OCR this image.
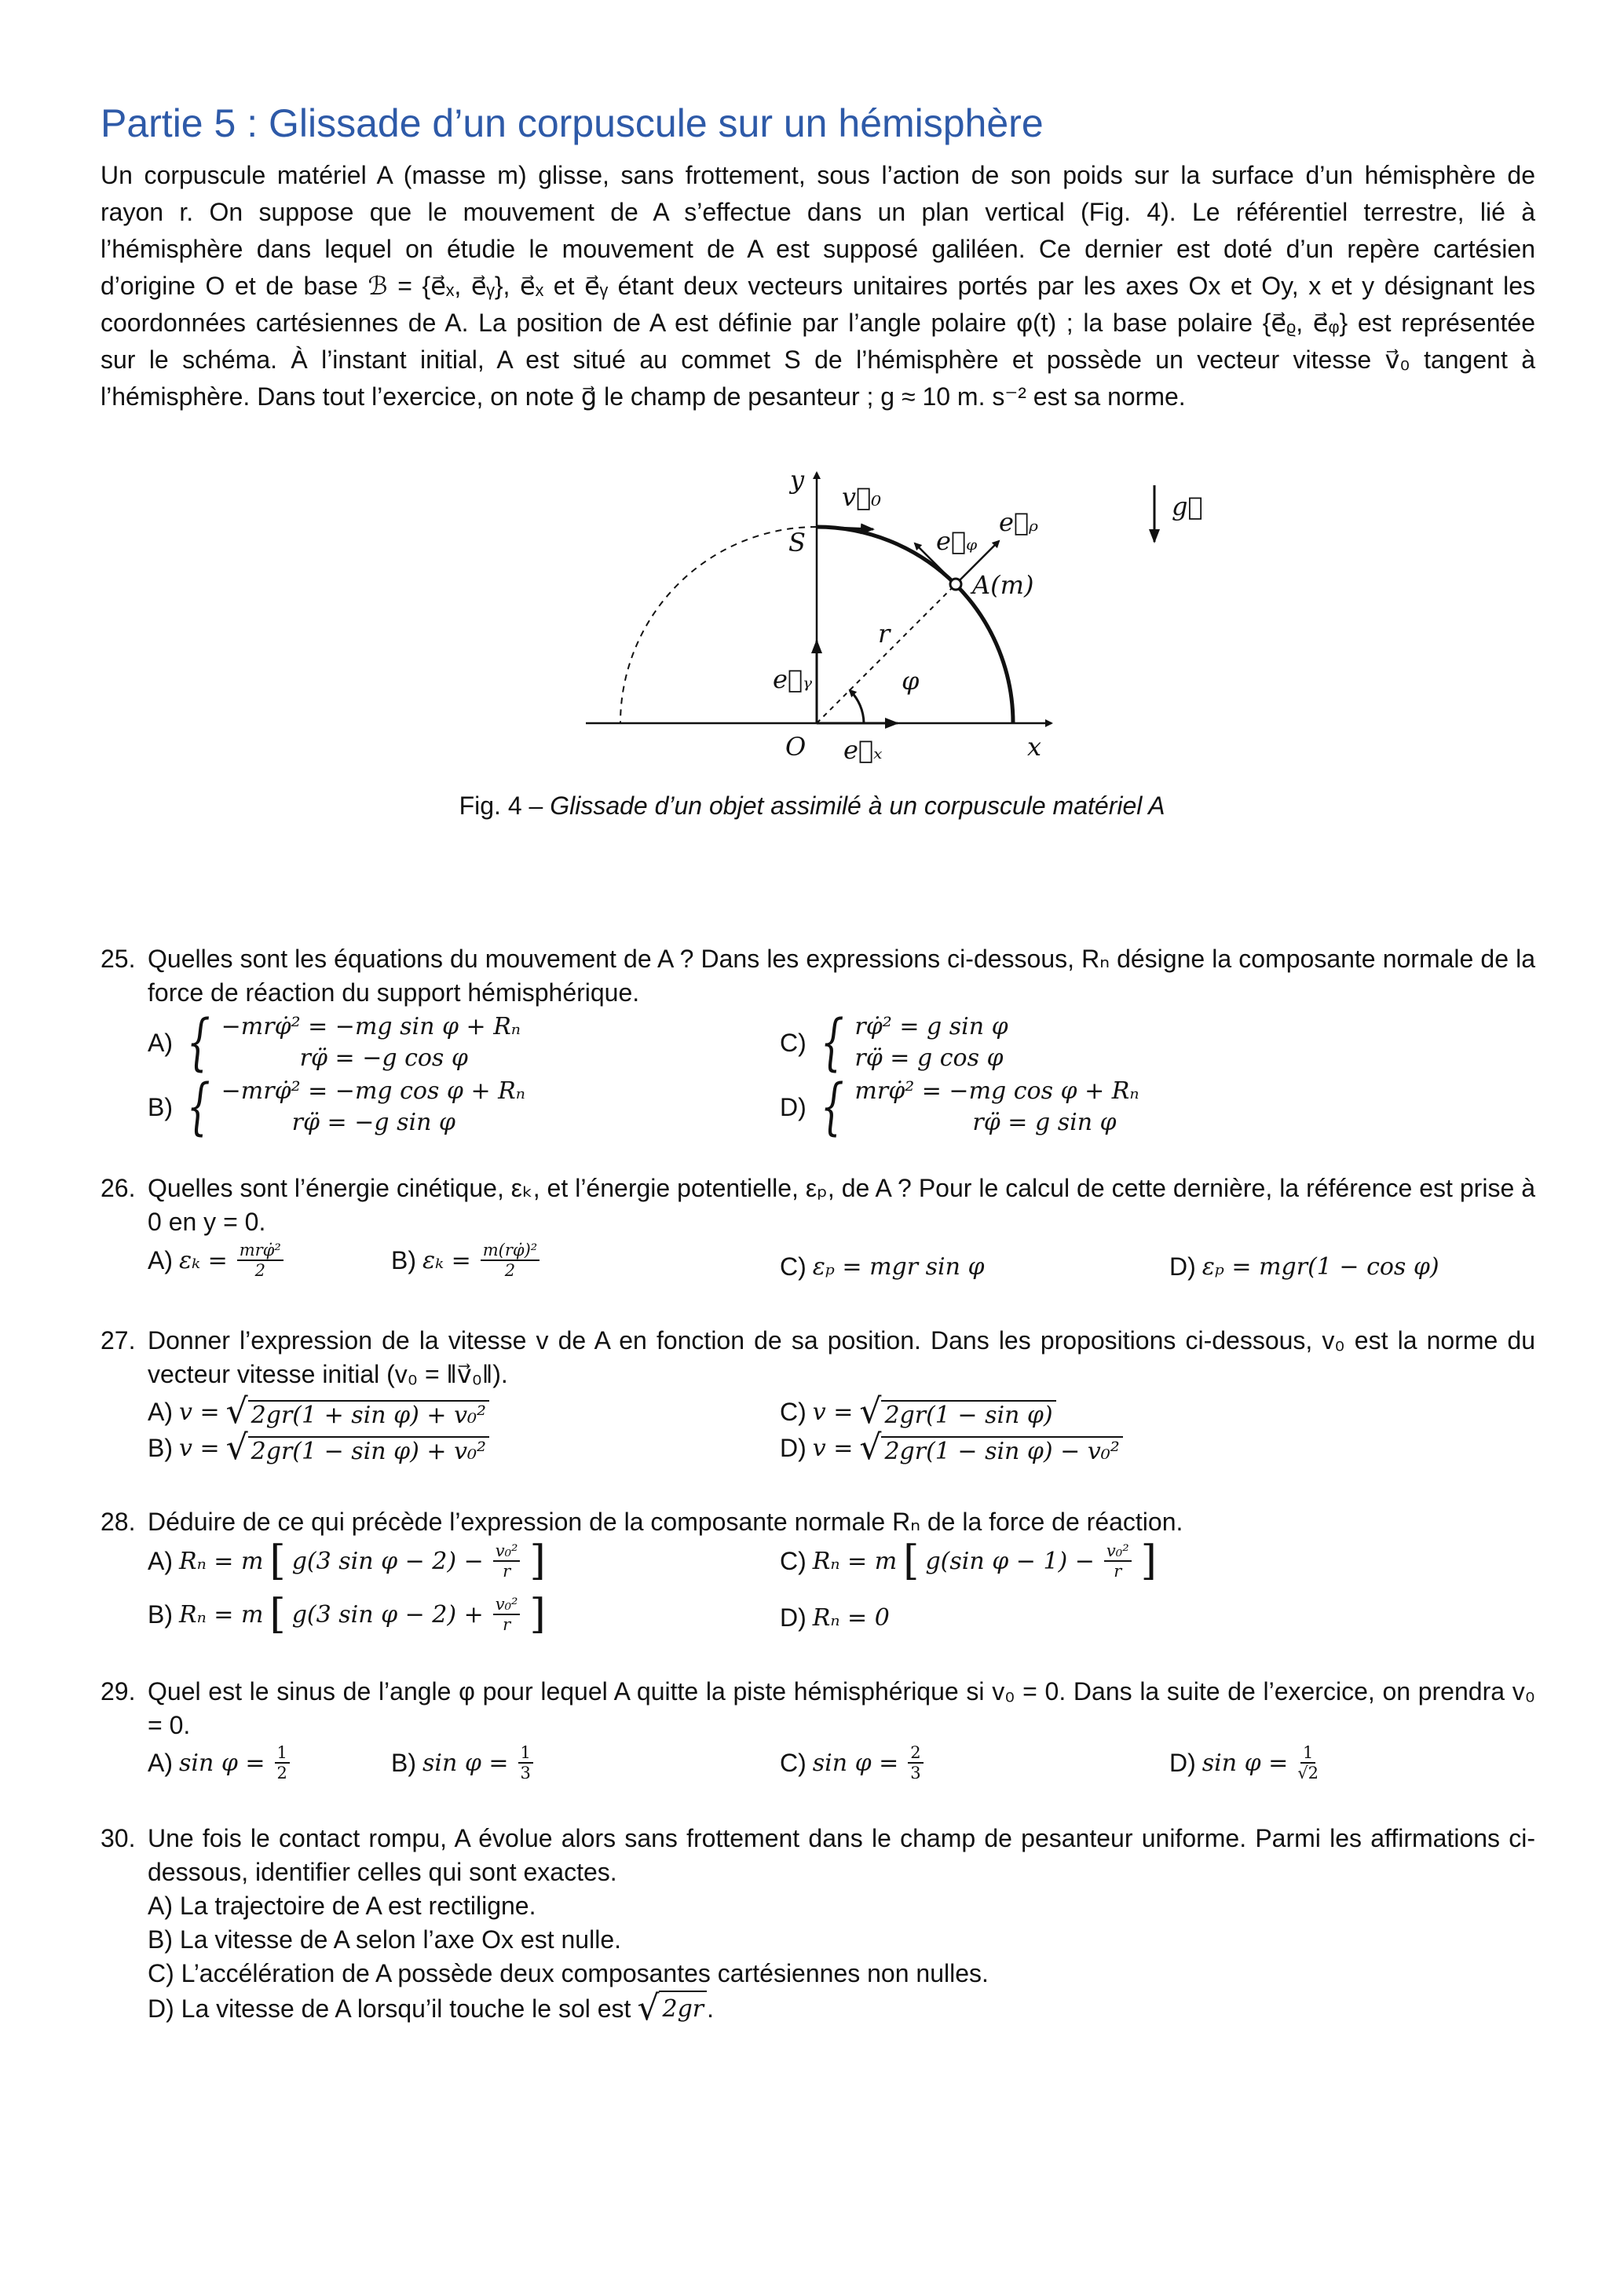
Partie 5 : Glissade d’un corpuscule sur un hémisphère
Un corpuscule matériel A (masse m) glisse, sans frottement, sous l’action de son poids sur la surface d’un hémisphère de
rayon r. On suppose que le mouvement de A s’effectue dans un plan vertical (Fig. 4). Le référentiel terrestre, lié à
l’hémisphère dans lequel on étudie le mouvement de A est supposé galiléen. Ce dernier est doté d’un repère cartésien
d’origine O et de base ℬ = {e⃗ₓ, e⃗ᵧ}, e⃗ₓ et e⃗ᵧ étant deux vecteurs unitaires portés par les axes Ox et Oy, x et y désignant les
coordonnées cartésiennes de A. La position de A est définie par l’angle polaire φ(t) ; la base polaire {e⃗ᵨ, e⃗ᵩ} est représentée
sur le schéma. À l’instant initial, A est situé au commet S de l’hémisphère et possède un vecteur vitesse v⃗₀ tangent à
l’hémisphère. Dans tout l’exercice, on note g⃗ le champ de pesanteur ; g ≈ 10 m. s⁻² est sa norme.
y
S
O	x
e⃗ₓ
e⃗ᵧ
v⃗₀
e⃗ᵩ
e⃗ᵨ
A(m)
r
φ
g⃗
Fig. 4 – Glissade d’un objet assimilé à un corpuscule matériel A
25. Quelles sont les équations du mouvement de A ? Dans les expressions ci-dessous, Rₙ désigne la composante normale de la force de réaction du support hémisphérique.
A) { −mrφ̇² = −mg sin φ + Rₙ
rφ̈ = −g cos φ
B) { −mrφ̇² = −mg cos φ + Rₙ
rφ̈ = −g sin φ
C) { rφ̇² = g sin φ
rφ̈ = g cos φ
D) { mrφ̇² = −mg cos φ + Rₙ
rφ̈ = g sin φ
26. Quelles sont l’énergie cinétique, εₖ, et l’énergie potentielle, εₚ, de A ? Pour le calcul de cette dernière, la référence est prise à 0 en y = 0.
A) $\varepsilon_k = \frac{\text{mrφ̇²}}{2}$	B) $\varepsilon_k = \frac{\text{m(rφ̇)²}}{2}$	C) εₚ = mgr sin φ	D) εₚ = mgr(1 − cos φ)
27. Donner l’expression de la vitesse v de A en fonction de sa position. Dans les propositions ci-dessous, v₀ est la norme du vecteur vitesse initial (v₀ = ‖v⃗₀‖).
A) v = √ 2gr(1 + sin φ) + v₀²
B) v = √ 2gr(1 − sin φ) + v₀²
C) v = √ 2gr(1 − sin φ)
D) v = √ 2gr(1 − sin φ) − v₀²
28. Déduire de ce qui précède l’expression de la composante normale Rₙ de la force de réaction.
A) Rₙ = m [ g(3 $\sin \varphi - 2) - \frac{\text{v₀²}}{r}$ ]
B) Rₙ = m [ g(3 $\sin \varphi - 2) + \frac{\text{v₀²}}{r}$ ]
C) Rₙ = m [ g(sin $\varphi - 1) - \frac{\text{v₀²}}{r}$ ]
D) Rₙ = 0
29. Quel est le sinus de l’angle φ pour lequel A quitte la piste hémisphérique si v₀ = 0. Dans la suite de l’exercice, on prendra v₀ = 0.
A) $\sin \varphi = \frac{1}{2}$	B) $\sin \varphi = \frac{1}{3}$	C) $\sin \varphi = \frac{2}{3}$	D) $\sin \varphi = \frac{1}{√2}$
30. Une fois le contact rompu, A évolue alors sans frottement dans le champ de pesanteur uniforme. Parmi les affirmations ci-dessous, identifier celles qui sont exactes.
A) La trajectoire de A est rectiligne.
B) La vitesse de A selon l’axe Ox est nulle.
C) L’accélération de A possède deux composantes cartésiennes non nulles.
D) La vitesse de A lorsqu’il touche le sol est √ 2gr .
